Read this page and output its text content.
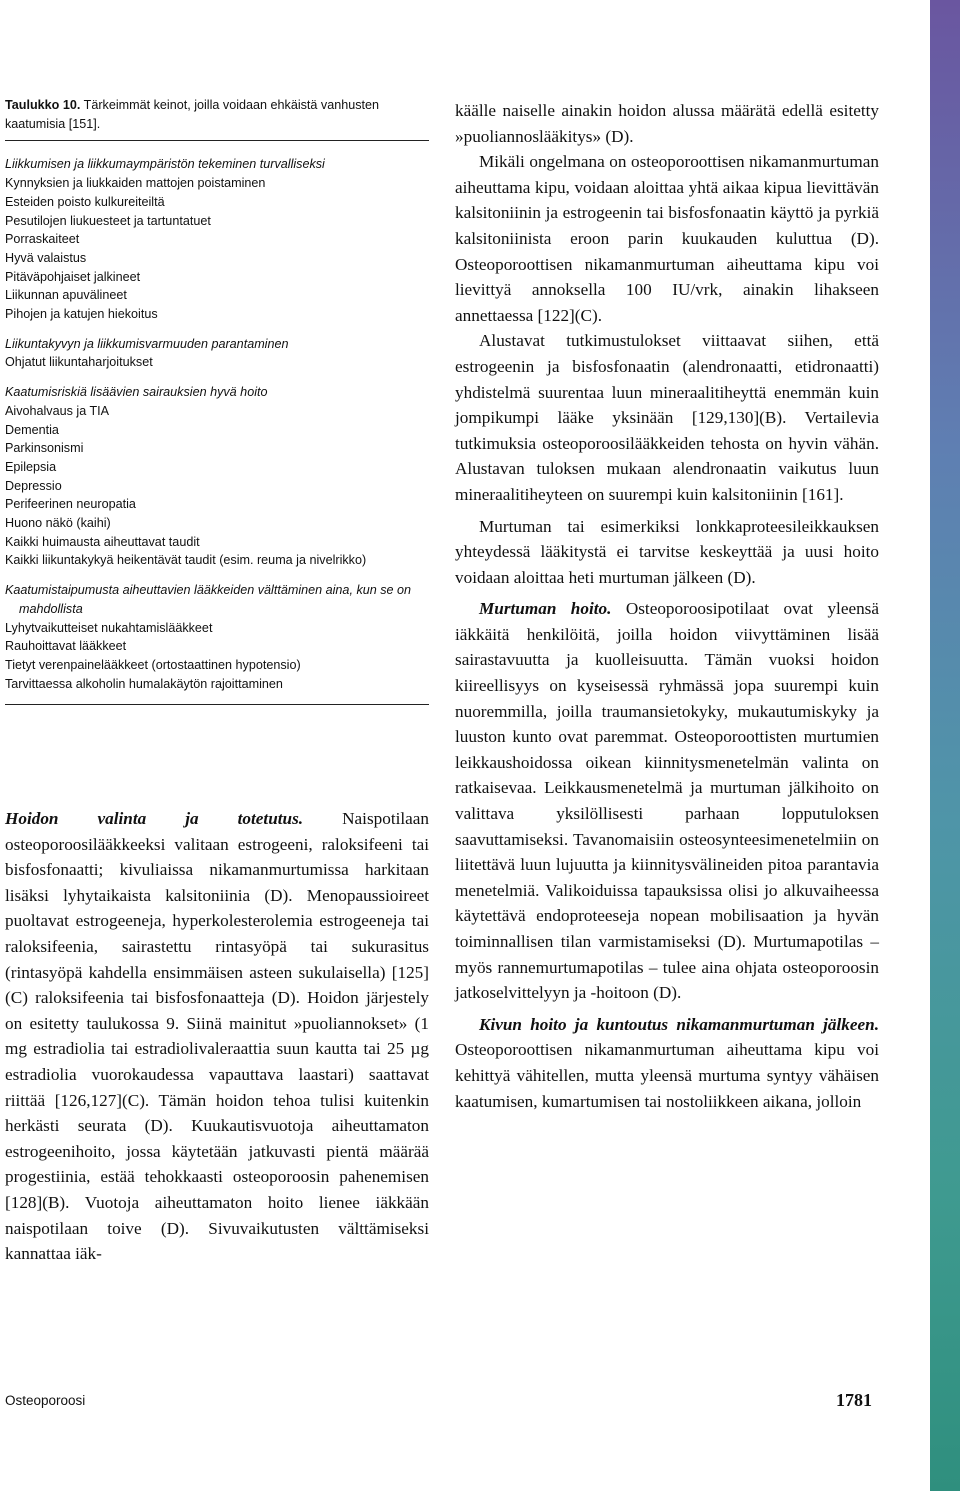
Taulukko 10. Tärkeimmät keinot, joilla voidaan ehkäistä vanhusten kaatumisia [151].

Liikkumisen ja liikkumaympäristön tekeminen turvalliseksi
Kynnyksien ja liukkaiden mattojen poistaminen
Esteiden poisto kulkureiteiltä
Pesutilojen liukuesteet ja tartuntatuet
Porraskaiteet
Hyvä valaistus
Pitäväpohjaiset jalkineet
Liikunnan apuvälineet
Pihojen ja katujen hiekoitus
Liikuntakyvyn ja liikkumisvarmuuden parantaminen
Ohjatut liikuntaharjoitukset
Kaatumisriskiä lisäävien sairauksien hyvä hoito
Aivohalvaus ja TIA
Dementia
Parkinsonismi
Epilepsia
Depressio
Perifeerinen neuropatia
Huono näkö (kaihi)
Kaikki huimausta aiheuttavat taudit
Kaikki liikuntakykyä heikentävät taudit (esim. reuma ja nivelrikko)
Kaatumistaipumusta aiheuttavien lääkkeiden välttäminen aina, kun se on mahdollista
Lyhytvaikutteiset nukahtamislääkkeet
Rauhoittavat lääkkeet
Tietyt verenpainelääkkeet (ortostaattinen hypotensio)
Tarvittaessa alkoholin humalakäytön rajoittaminen

Hoidon valinta ja totetutus. Naispotilaan osteoporoosilääkkeeksi valitaan estrogeeni, raloksifeeni tai bisfosfonaatti; kivuliaissa nikamanmurtumissa harkitaan lisäksi lyhytaikaista kalsitoniinia (D). Menopaussioireet puoltavat estrogeeneja, hyperkolesterolemia estrogeeneja tai raloksifeenia, sairastettu rintasyöpä tai sukurasitus (rintasyöpä kahdella ensimmäisen asteen sukulaisella) [125](C) raloksifeenia tai bisfosfonaatteja (D). Hoidon järjestely on esitetty taulukossa 9. Siinä mainitut »puoliannokset» (1 mg estradiolia tai estradiolivaleraattia suun kautta tai 25 µg estradiolia vuorokaudessa vapauttava laastari) saattavat riittää [126,127](C). Tämän hoidon tehoa tulisi kuitenkin herkästi seurata (D). Kuukautisvuotoja aiheuttamaton estrogeenihoito, jossa käytetään jatkuvasti pientä määrää progestiinia, estää tehokkaasti osteoporoosin pahenemisen [128](B). Vuotoja aiheuttamaton hoito lienee iäkkään naispotilaan toive (D). Sivuvaikutusten välttämiseksi kannattaa iäk-

käälle naiselle ainakin hoidon alussa määrätä edellä esitetty »puoliannoslääkitys» (D).

Mikäli ongelmana on osteoporoottisen nikamanmurtuman aiheuttama kipu, voidaan aloittaa yhtä aikaa kipua lievittävän kalsitoniinin ja estrogeenin tai bisfosfonaatin käyttö ja pyrkiä kalsitoniinista eroon parin kuukauden kuluttua (D). Osteoporoottisen nikamanmurtuman aiheuttama kipu voi lievittyä annoksella 100 IU/vrk, ainakin lihakseen annettaessa [122](C).

Alustavat tutkimustulokset viittaavat siihen, että estrogeenin ja bisfosfonaatin (alendronaatti, etidronaatti) yhdistelmä suurentaa luun mineraalitiheyttä enemmän kuin jompikumpi lääke yksinään [129,130](B). Vertailevia tutkimuksia osteoporoosilääkkeiden tehosta on hyvin vähän. Alustavan tuloksen mukaan alendronaatin vaikutus luun mineraalitiheyteen on suurempi kuin kalsitoniinin [161].

Murtuman tai esimerkiksi lonkkaproteesileikkauksen yhteydessä lääkitystä ei tarvitse keskeyttää ja uusi hoito voidaan aloittaa heti murtuman jälkeen (D).

Murtuman hoito. Osteoporoosipotilaat ovat yleensä iäkkäitä henkilöitä, joilla hoidon viivyttäminen lisää sairastavuutta ja kuolleisuutta. Tämän vuoksi hoidon kiireellisyys on kyseisessä ryhmässä jopa suurempi kuin nuoremmilla, joilla traumansietokyky, mukautumiskyky ja luuston kunto ovat paremmat. Osteoporoottisten murtumien leikkaushoidossa oikean kiinnitysmenetelmän valinta on ratkaisevaa. Leikkausmenetelmä ja murtuman jälkihoito on valittava yksilöllisesti parhaan lopputuloksen saavuttamiseksi. Tavanomaisiin osteosynteesimenetelmiin on liitettävä luun lujuutta ja kiinnitysvälineiden pitoa parantavia menetelmiä. Valikoiduissa tapauksissa olisi jo alkuvaiheessa käytettävä endoproteeseja nopean mobilisaation ja hyvän toiminnallisen tilan varmistamiseksi (D). Murtumapotilas – myös rannemurtumapotilas – tulee aina ohjata osteoporoosin jatkoselvittelyyn ja -hoitoon (D).

Kivun hoito ja kuntoutus nikamanmurtuman jälkeen. Osteoporoottisen nikamanmurtuman aiheuttama kipu voi kehittyä vähitellen, mutta yleensä murtuma syntyy vähäisen kaatumisen, kumartumisen tai nostoliikkeen aikana, jolloin

Osteoporoosi	1781
